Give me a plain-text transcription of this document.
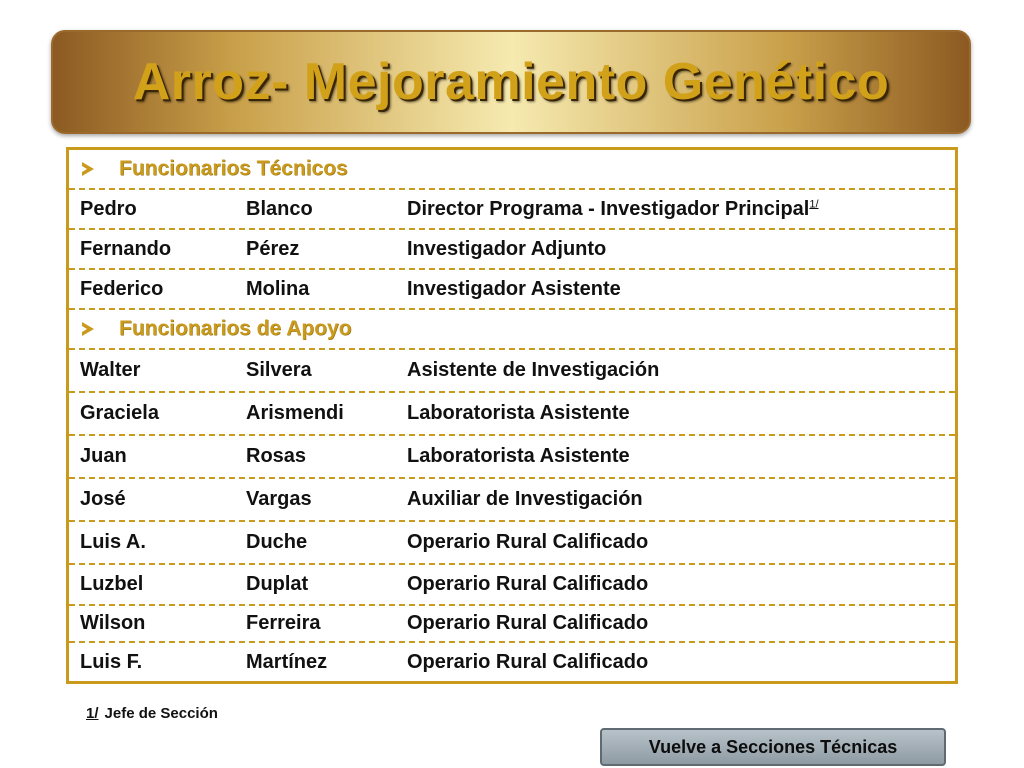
Arroz- Mejoramiento Genético
Funcionarios Técnicos
Pedro	Blanco	Director Programa - Investigador Principal$^{1/}$
Fernando	Pérez	Investigador Adjunto
Federico	Molina	Investigador Asistente
Funcionarios de Apoyo
Walter	Silvera	Asistente de Investigación
Graciela	Arismendi	Laboratorista Asistente
Juan	Rosas	Laboratorista Asistente
José	Vargas	Auxiliar de Investigación
Luis A.	Duche	Operario Rural Calificado
Luzbel	Duplat	Operario Rural Calificado
Wilson	Ferreira	Operario Rural Calificado
Luis F.	Martínez	Operario Rural Calificado
1/ Jefe de Sección
Vuelve a Secciones Técnicas
